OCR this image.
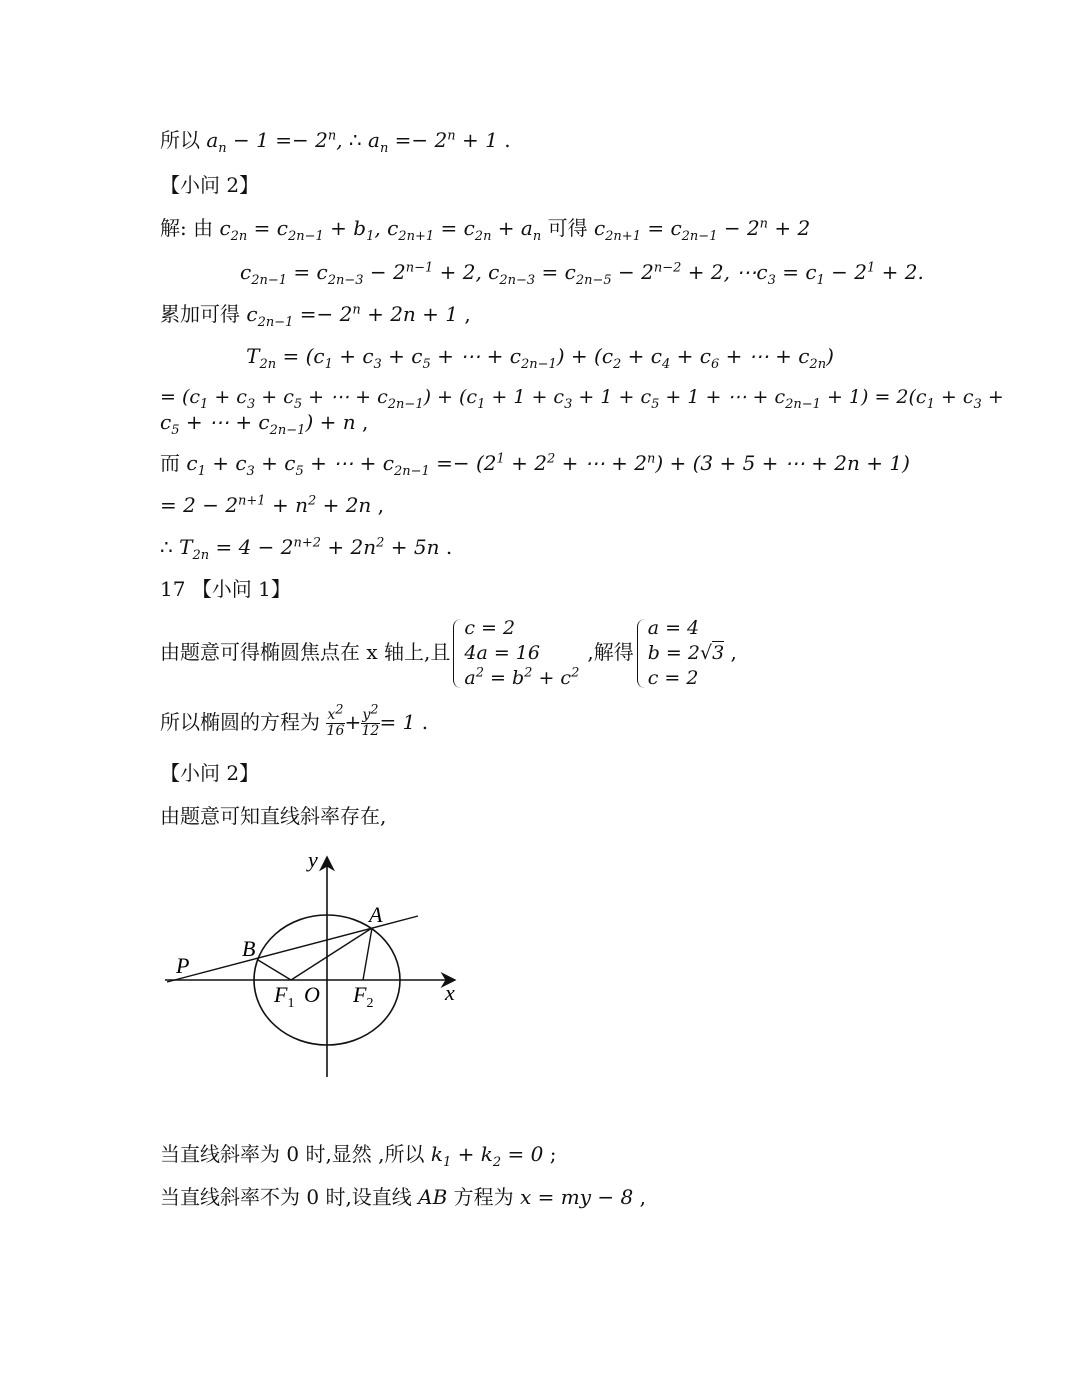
所以 $a_n - 1 =- 2^n$, ∴ $a_n =- 2^n + 1$ .
【小问 2】
解: 由 $c_{2n} = c_{2n-1} + b_1$, $c_{2n+1} = c_{2n} + a_n$ 可得 $c_{2n+1} = c_{2n-1} - 2^n + 2$
$c_{2n-1} = c_{2n-3} - 2^{n-1} + 2$, $c_{2n-3} = c_{2n-5} - 2^{n-2} + 2$, $\cdots c_3 = c_1 - 2^1 + 2$.
累加可得 $c_{2n-1} =- 2^n + 2n + 1$ ,
$T_{2n} = (c_1 + c_3 + c_5$ + ⋯ + $c_{2n-1}) + (c_2 + c_4 + c_6$ + ⋯ + $c_{2n}$)
= ($c_1 + c_3 + c_5$ + ⋯ + $c_{2n-1}) + (c_1 + 1 + c_3 + 1 + c_5 + 1$ + ⋯ + $c_{2n-1} + 1) = 2(c_1 + c_3$ +
$c_5$ + ⋯ + $c_{2n-1}) + n$ ,
而 $c_1 + c_3 + c_5$ + ⋯ + $c_{2n-1} =- (2^1 + 2^2$ + ⋯ + $2^n) + (3 + 5$ + ⋯ + 2n + 1)
= $2 - 2^{n+1} + n^2 + 2n$ ,
∴ $T_{2n} = 4 - 2^{n+2} + 2n^2 + 5n$ .
17 【小问 1】
由题意可得椭圆焦点在 x 轴上,且
c = 2
4a = 16
$a^2 = b^2 + c^2$
,解得
a = 4
b = 2√3
c = 2
,
所以椭圆的方程为 $\frac{x^2}{16} + \frac{y^2}{12} = 1$ .
【小问 2】
由题意可知直线斜率存在,
y
x
A
B
P
$F_1$ O $F_2$
当直线斜率为 0 时,显然 ,所以 $k_1 + k_2 = 0$ ;
当直线斜率不为 0 时,设直线 AB 方程为 x = my − 8 ,
